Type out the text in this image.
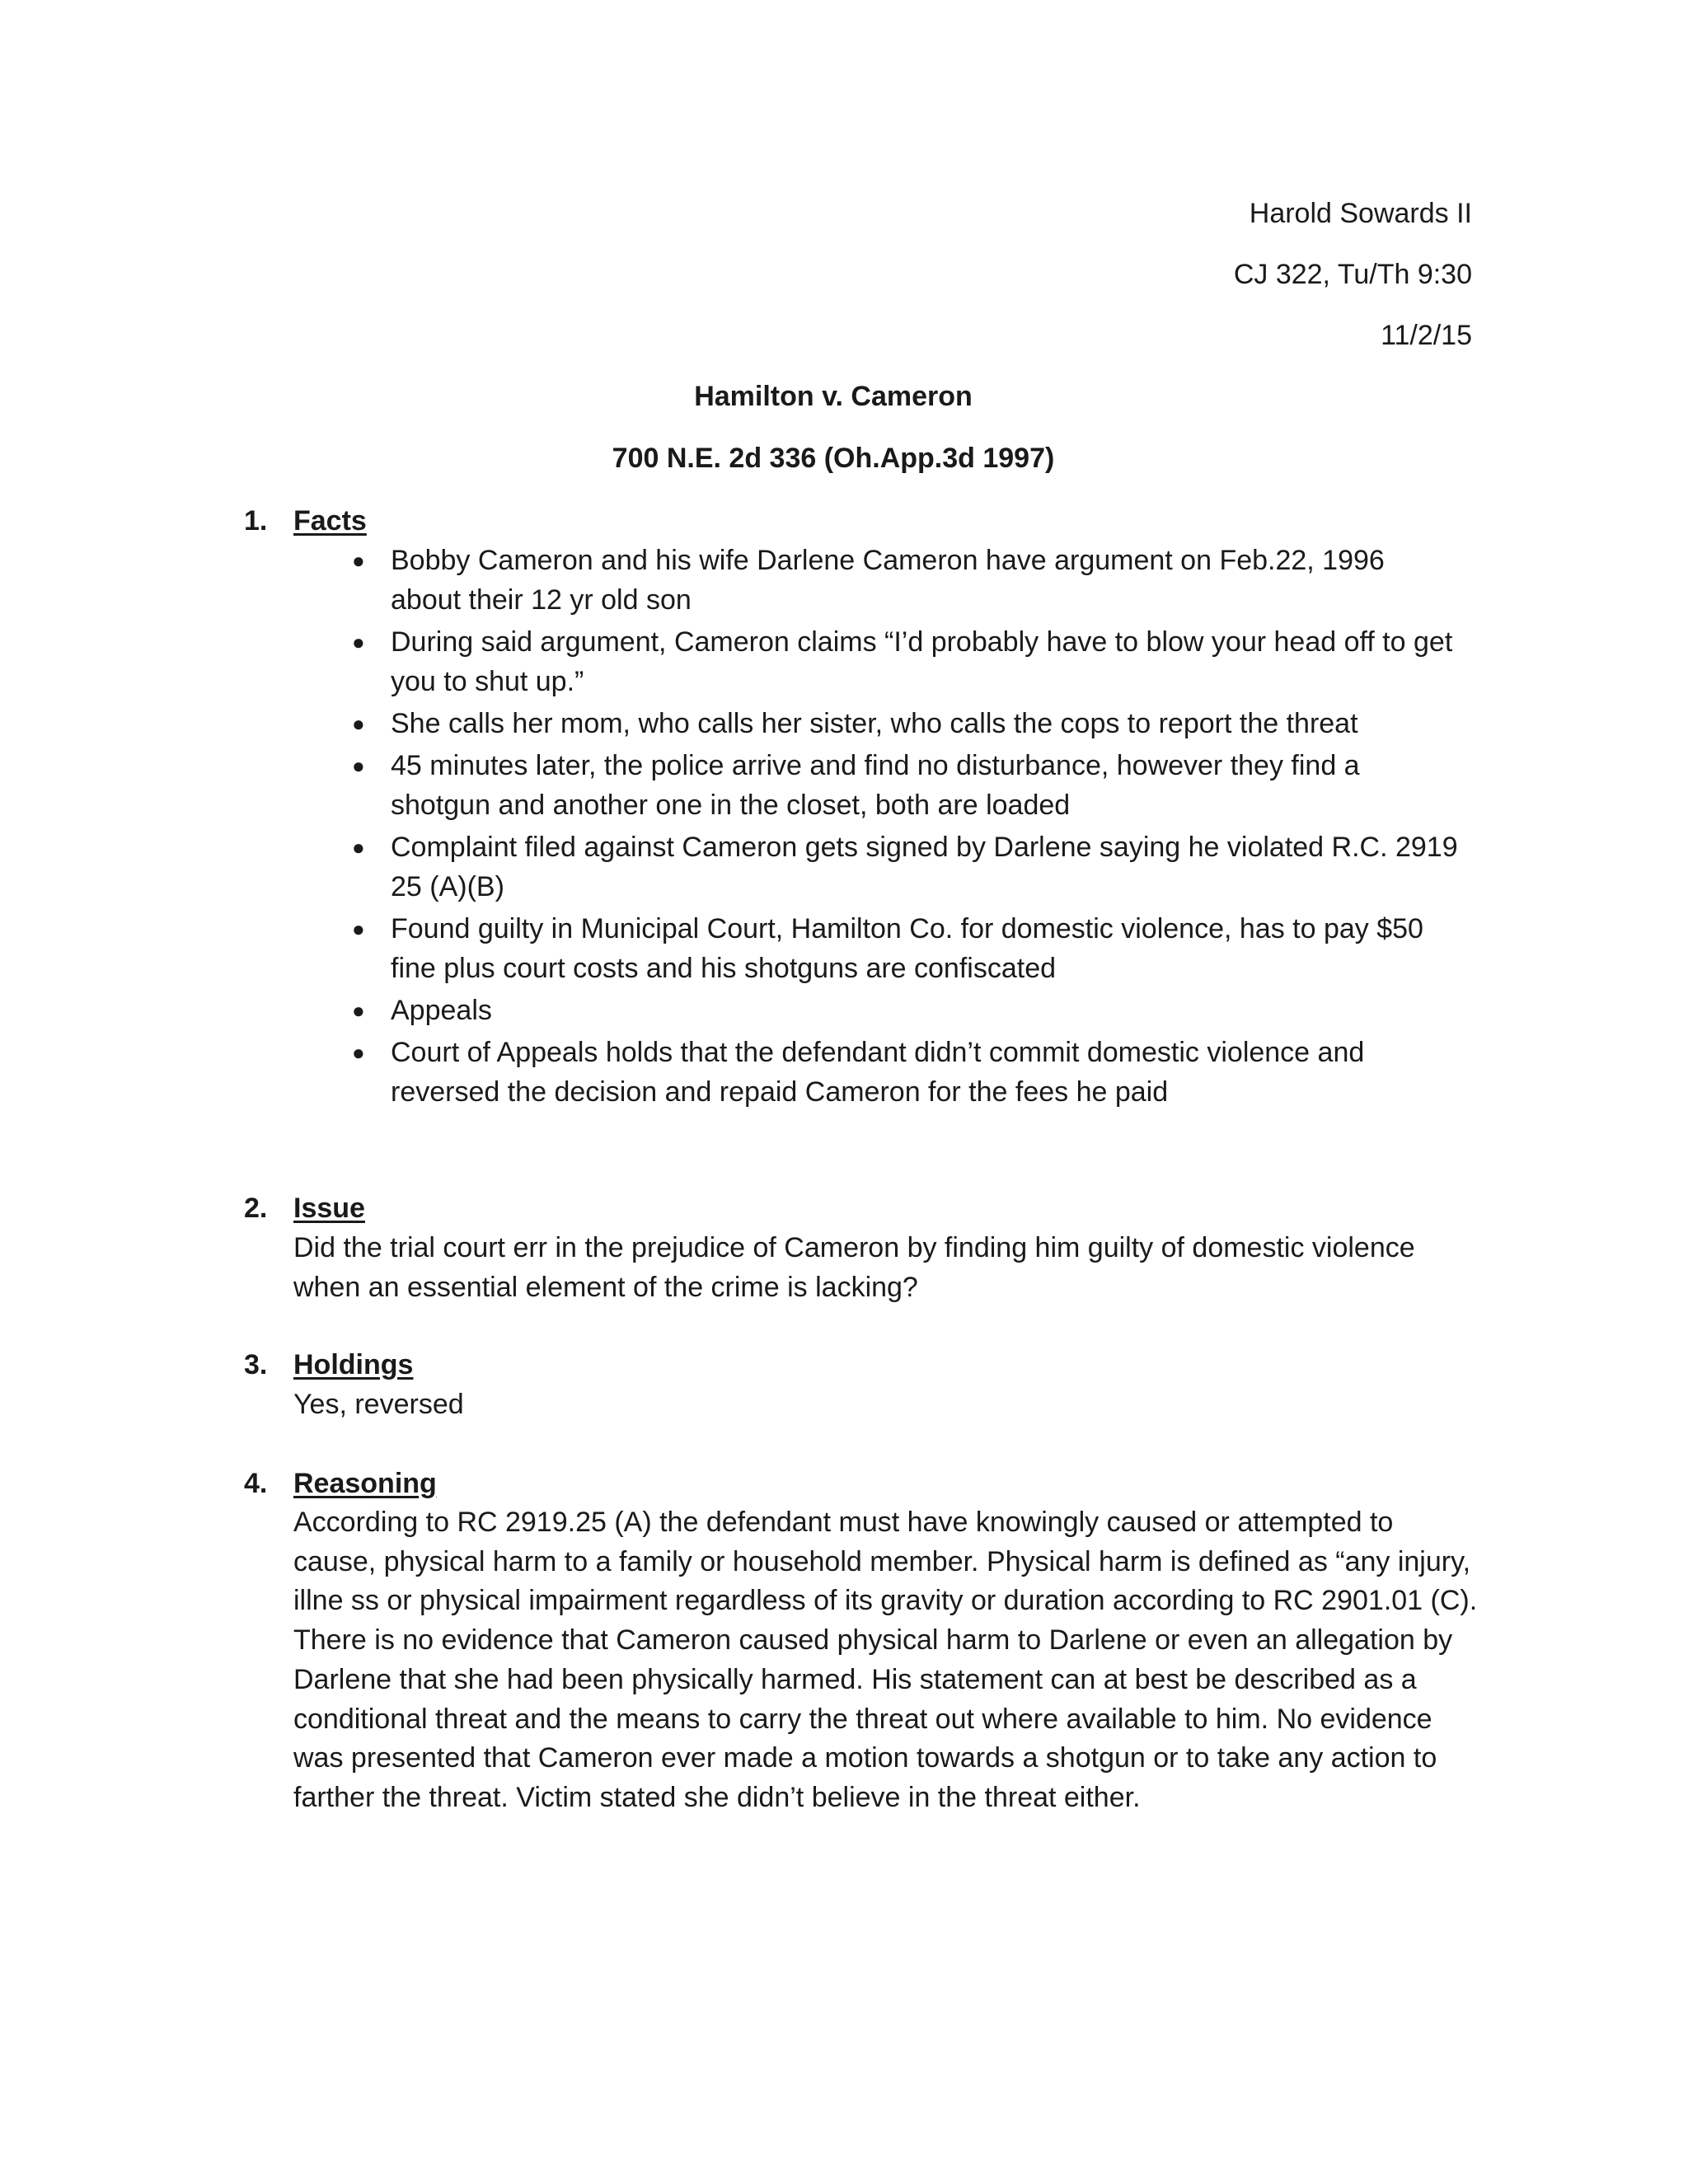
Harold Sowards II
CJ 322, Tu/Th 9:30
11/2/15
Hamilton v. Cameron
700 N.E. 2d 336 (Oh.App.3d 1997)
1. Facts
● Bobby Cameron and his wife Darlene Cameron have argument on Feb.22, 1996 about their 12 yr old son
● During said argument, Cameron claims “I’d probably have to blow your head off to get you to shut up.”
● She calls her mom, who calls her sister, who calls the cops to report the threat
● 45 minutes later, the police arrive and find no disturbance, however they find a shotgun and another one in the closet, both are loaded
● Complaint filed against Cameron gets signed by Darlene saying he violated R.C. 2919 25 (A)(B)
● Found guilty in Municipal Court, Hamilton Co. for domestic violence, has to pay $50 fine plus court costs and his shotguns are confiscated
● Appeals
● Court of Appeals holds that the defendant didn’t commit domestic violence and reversed the decision and repaid Cameron for the fees he paid
2. Issue
Did the trial court err in the prejudice of Cameron by finding him guilty of domestic violence when an essential element of the crime is lacking?
3. Holdings
Yes, reversed
4. Reasoning
According to RC 2919.25 (A) the defendant must have knowingly caused or attempted to cause, physical harm to a family or household member. Physical harm is defined as “any injury, illne ss or physical impairment regardless of its gravity or duration according to RC 2901.01 (C). There is no evidence that Cameron caused physical harm to Darlene or even an allegation by Darlene that she had been physically harmed. His statement can at best be described as a conditional threat and the means to carry the threat out where available to him. No evidence was presented that Cameron ever made a motion towards a shotgun or to take any action to farther the threat. Victim stated she didn’t believe in the threat either.
